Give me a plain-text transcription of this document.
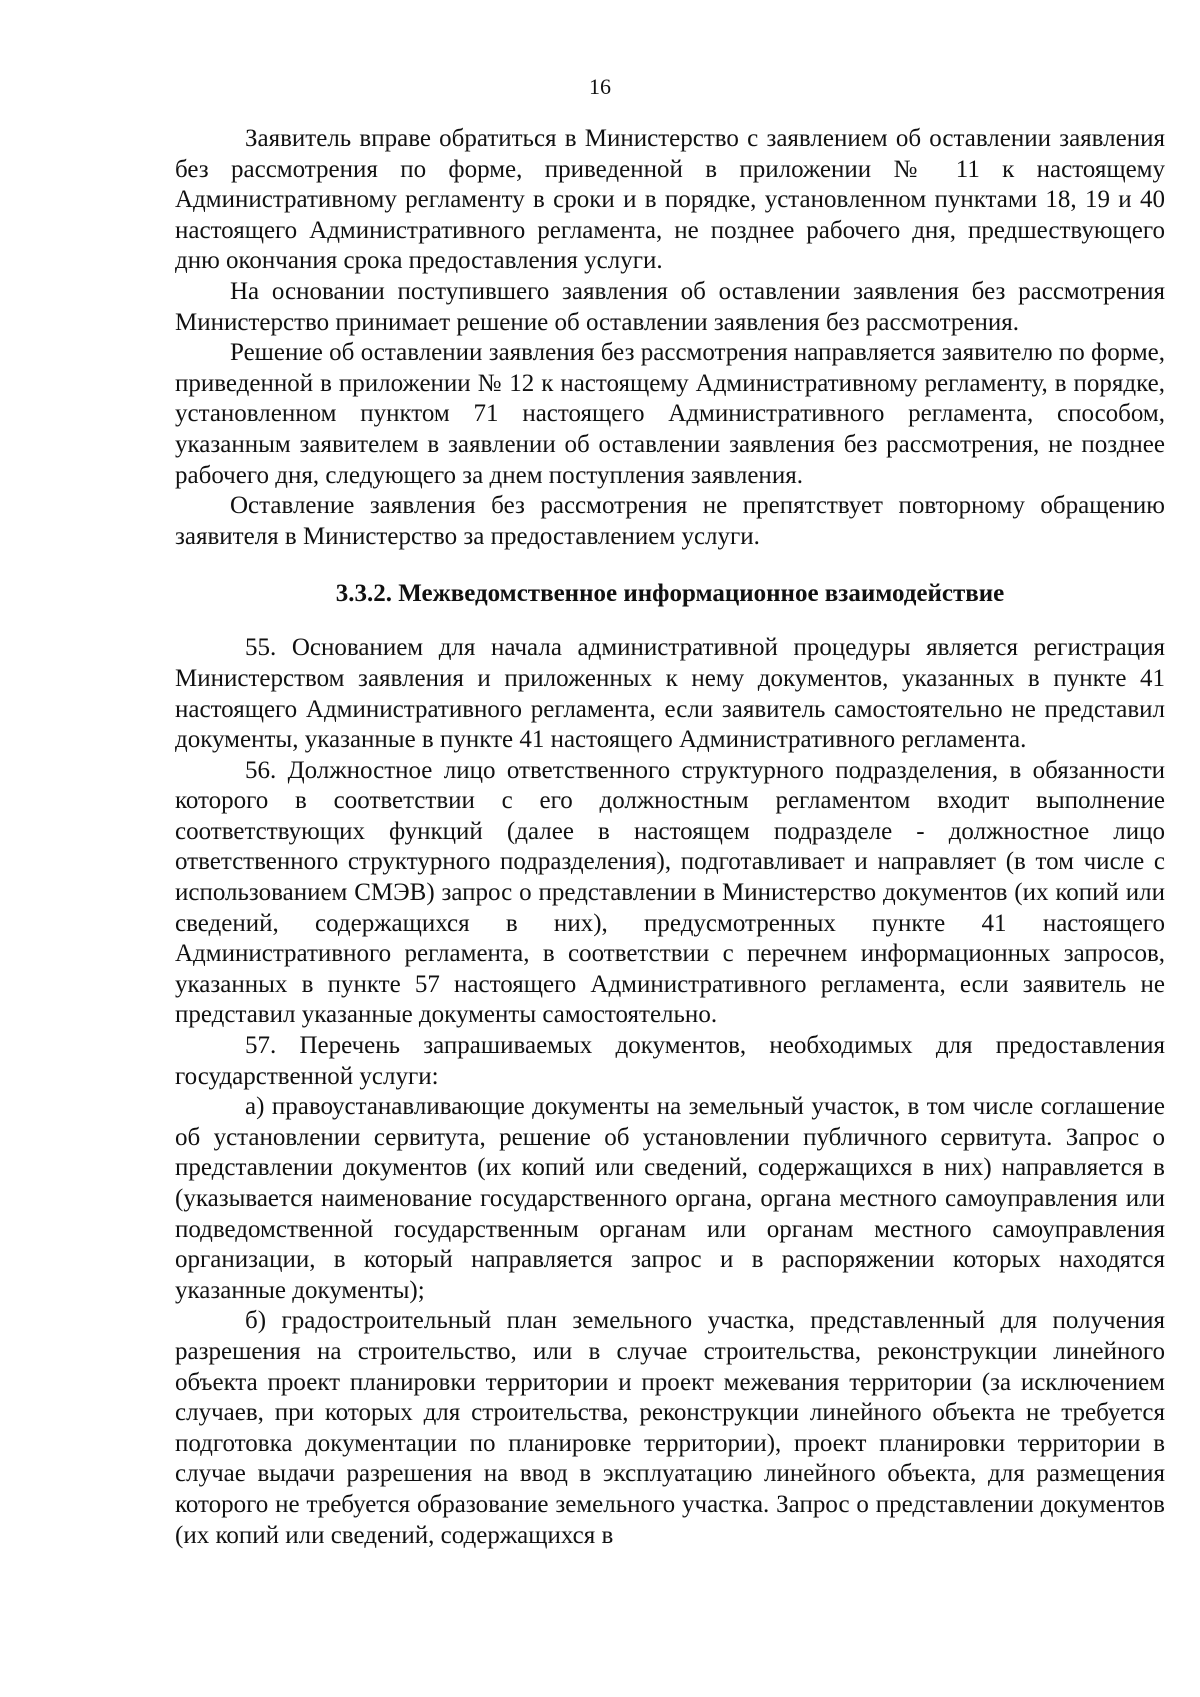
16

Заявитель вправе обратиться в Министерство с заявлением об оставлении заявления без рассмотрения по форме, приведенной в приложении № 11 к настоящему Административному регламенту в сроки и в порядке, установленном пунктами 18, 19 и 40 настоящего Административного регламента, не позднее рабочего дня, предшествующего дню окончания срока предоставления услуги.

На основании поступившего заявления об оставлении заявления без рассмотрения Министерство принимает решение об оставлении заявления без рассмотрения.

Решение об оставлении заявления без рассмотрения направляется заявителю по форме, приведенной в приложении № 12 к настоящему Административному регламенту, в порядке, установленном пунктом 71 настоящего Административного регламента, способом, указанным заявителем в заявлении об оставлении заявления без рассмотрения, не позднее рабочего дня, следующего за днем поступления заявления.

Оставление заявления без рассмотрения не препятствует повторному обращению заявителя в Министерство за предоставлением услуги.

3.3.2. Межведомственное информационное взаимодействие

55. Основанием для начала административной процедуры является регистрация Министерством заявления и приложенных к нему документов, указанных в пункте 41 настоящего Административного регламента, если заявитель самостоятельно не представил документы, указанные в пункте 41 настоящего Административного регламента.

56. Должностное лицо ответственного структурного подразделения, в обязанности которого в соответствии с его должностным регламентом входит выполнение соответствующих функций (далее в настоящем подразделе - должностное лицо ответственного структурного подразделения), подготавливает и направляет (в том числе с использованием СМЭВ) запрос о представлении в Министерство документов (их копий или сведений, содержащихся в них), предусмотренных пункте 41 настоящего Административного регламента, в соответствии с перечнем информационных запросов, указанных в пункте 57 настоящего Административного регламента, если заявитель не представил указанные документы самостоятельно.

57. Перечень запрашиваемых документов, необходимых для предоставления государственной услуги:

а) правоустанавливающие документы на земельный участок, в том числе соглашение об установлении сервитута, решение об установлении публичного сервитута. Запрос о представлении документов (их копий или сведений, содержащихся в них) направляется в (указывается наименование государственного органа, органа местного самоуправления или подведомственной государственным органам или органам местного самоуправления организации, в который направляется запрос и в распоряжении которых находятся указанные документы);

б) градостроительный план земельного участка, представленный для получения разрешения на строительство, или в случае строительства, реконструкции линейного объекта проект планировки территории и проект межевания территории (за исключением случаев, при которых для строительства, реконструкции линейного объекта не требуется подготовка документации по планировке территории), проект планировки территории в случае выдачи разрешения на ввод в эксплуатацию линейного объекта, для размещения которого не требуется образование земельного участка. Запрос о представлении документов (их копий или сведений, содержащихся в
